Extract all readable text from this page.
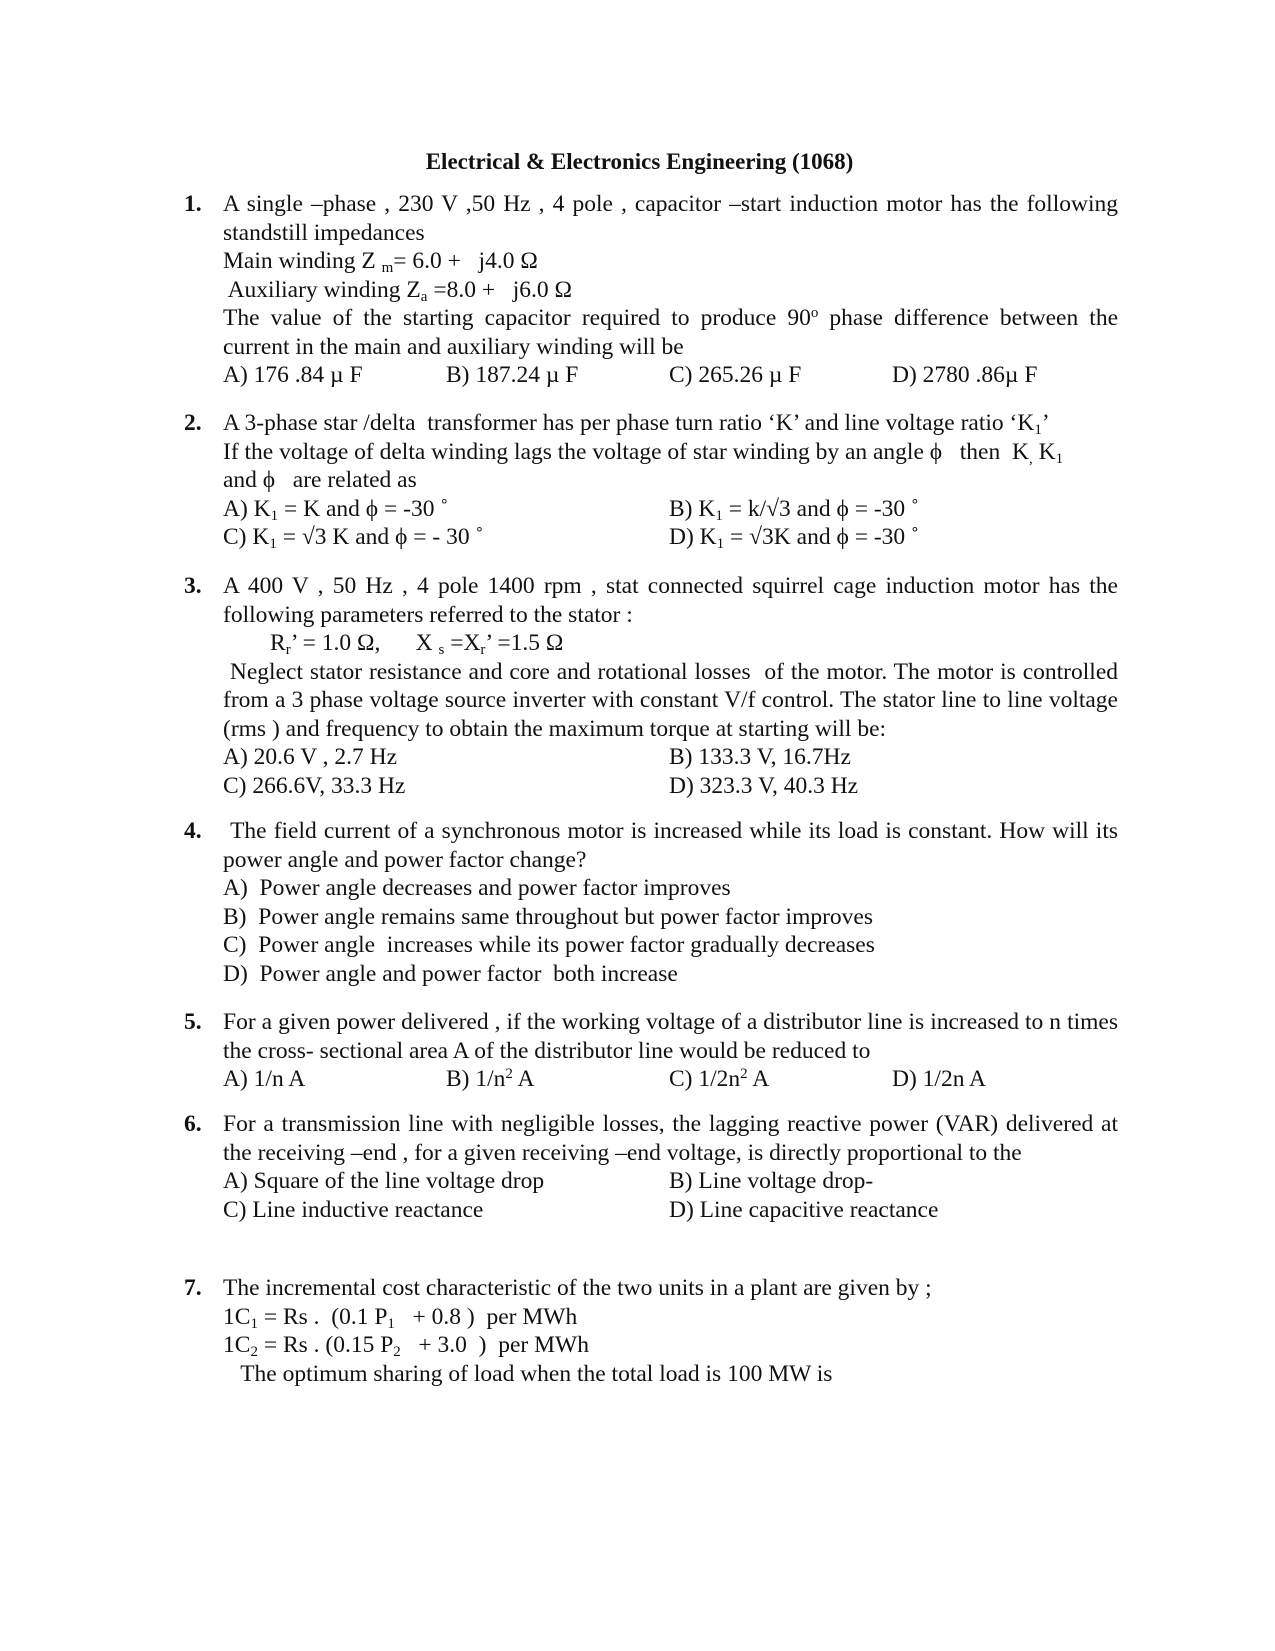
Electrical & Electronics Engineering (1068)
1. A single –phase , 230 V ,50 Hz , 4 pole , capacitor –start induction motor has the following standstill impedances
Main winding Z $_m$= 6.0 +   j4.0 Ω
Auxiliary winding $Z_a =8.0 + j6.0$ Ω
The value of the starting capacitor required to produce 90$^o$ phase difference between the current in the main and auxiliary winding will be
A) 176 .84 µ F	B) 187.24 µ F	C) 265.26 µ F	D) 2780 .86µ F
2. A 3-phase star /delta  transformer has per phase turn ratio ‘K’ and line voltage ratio ‘$K_1$’
If the voltage of delta winding lags the voltage of star winding by an angle ϕ   then  $K_,$ $K_1$
and ϕ   are related as
A) $K_1 = K$ and ϕ = -30 ˚	B) $K_1 = k/√3$ and ϕ = -30 ˚
C) $K_1 = √3$ K and ϕ = - 30 ˚	D) $K_1 = √3K$ and ϕ = -30 ˚
3. A 400 V , 50 Hz , 4 pole 1400 rpm , stat connected squirrel cage induction motor has the following parameters referred to the stator :
$R_r$’ = 1.0 Ω,      X $_s =X_r$’ =1.5 Ω
Neglect stator resistance and core and rotational losses  of the motor. The motor is controlled from a 3 phase voltage source inverter with constant V/f control. The stator line to line voltage (rms ) and frequency to obtain the maximum torque at starting will be:
A) 20.6 V , 2.7 Hz	B) 133.3 V, 16.7Hz
C) 266.6V, 33.3 Hz	D) 323.3 V, 40.3 Hz
4. The field current of a synchronous motor is increased while its load is constant. How will its power angle and power factor change?
A)  Power angle decreases and power factor improves
B)  Power angle remains same throughout but power factor improves
C)  Power angle  increases while its power factor gradually decreases
D)  Power angle and power factor  both increase
5. For a given power delivered , if the working voltage of a distributor line is increased to n times the cross- sectional area A of the distributor line would be reduced to
A) 1/n A	B) $1/n^2$ A	C) $1/2n^2$ A	D) 1/2n A
6. For a transmission line with negligible losses, the lagging reactive power (VAR) delivered at the receiving –end , for a given receiving –end voltage, is directly proportional to the
A) Square of the line voltage drop	B) Line voltage drop-
C) Line inductive reactance	D) Line capacitive reactance
7. The incremental cost characteristic of the two units in a plant are given by ;
$1C_1 = Rs$ .  (0.1 $P_1 + 0.8$ )  per MWh
$1C_2 = Rs$ . (0.15 $P_2 + 3.0$  )  per MWh
The optimum sharing of load when the total load is 100 MW is
